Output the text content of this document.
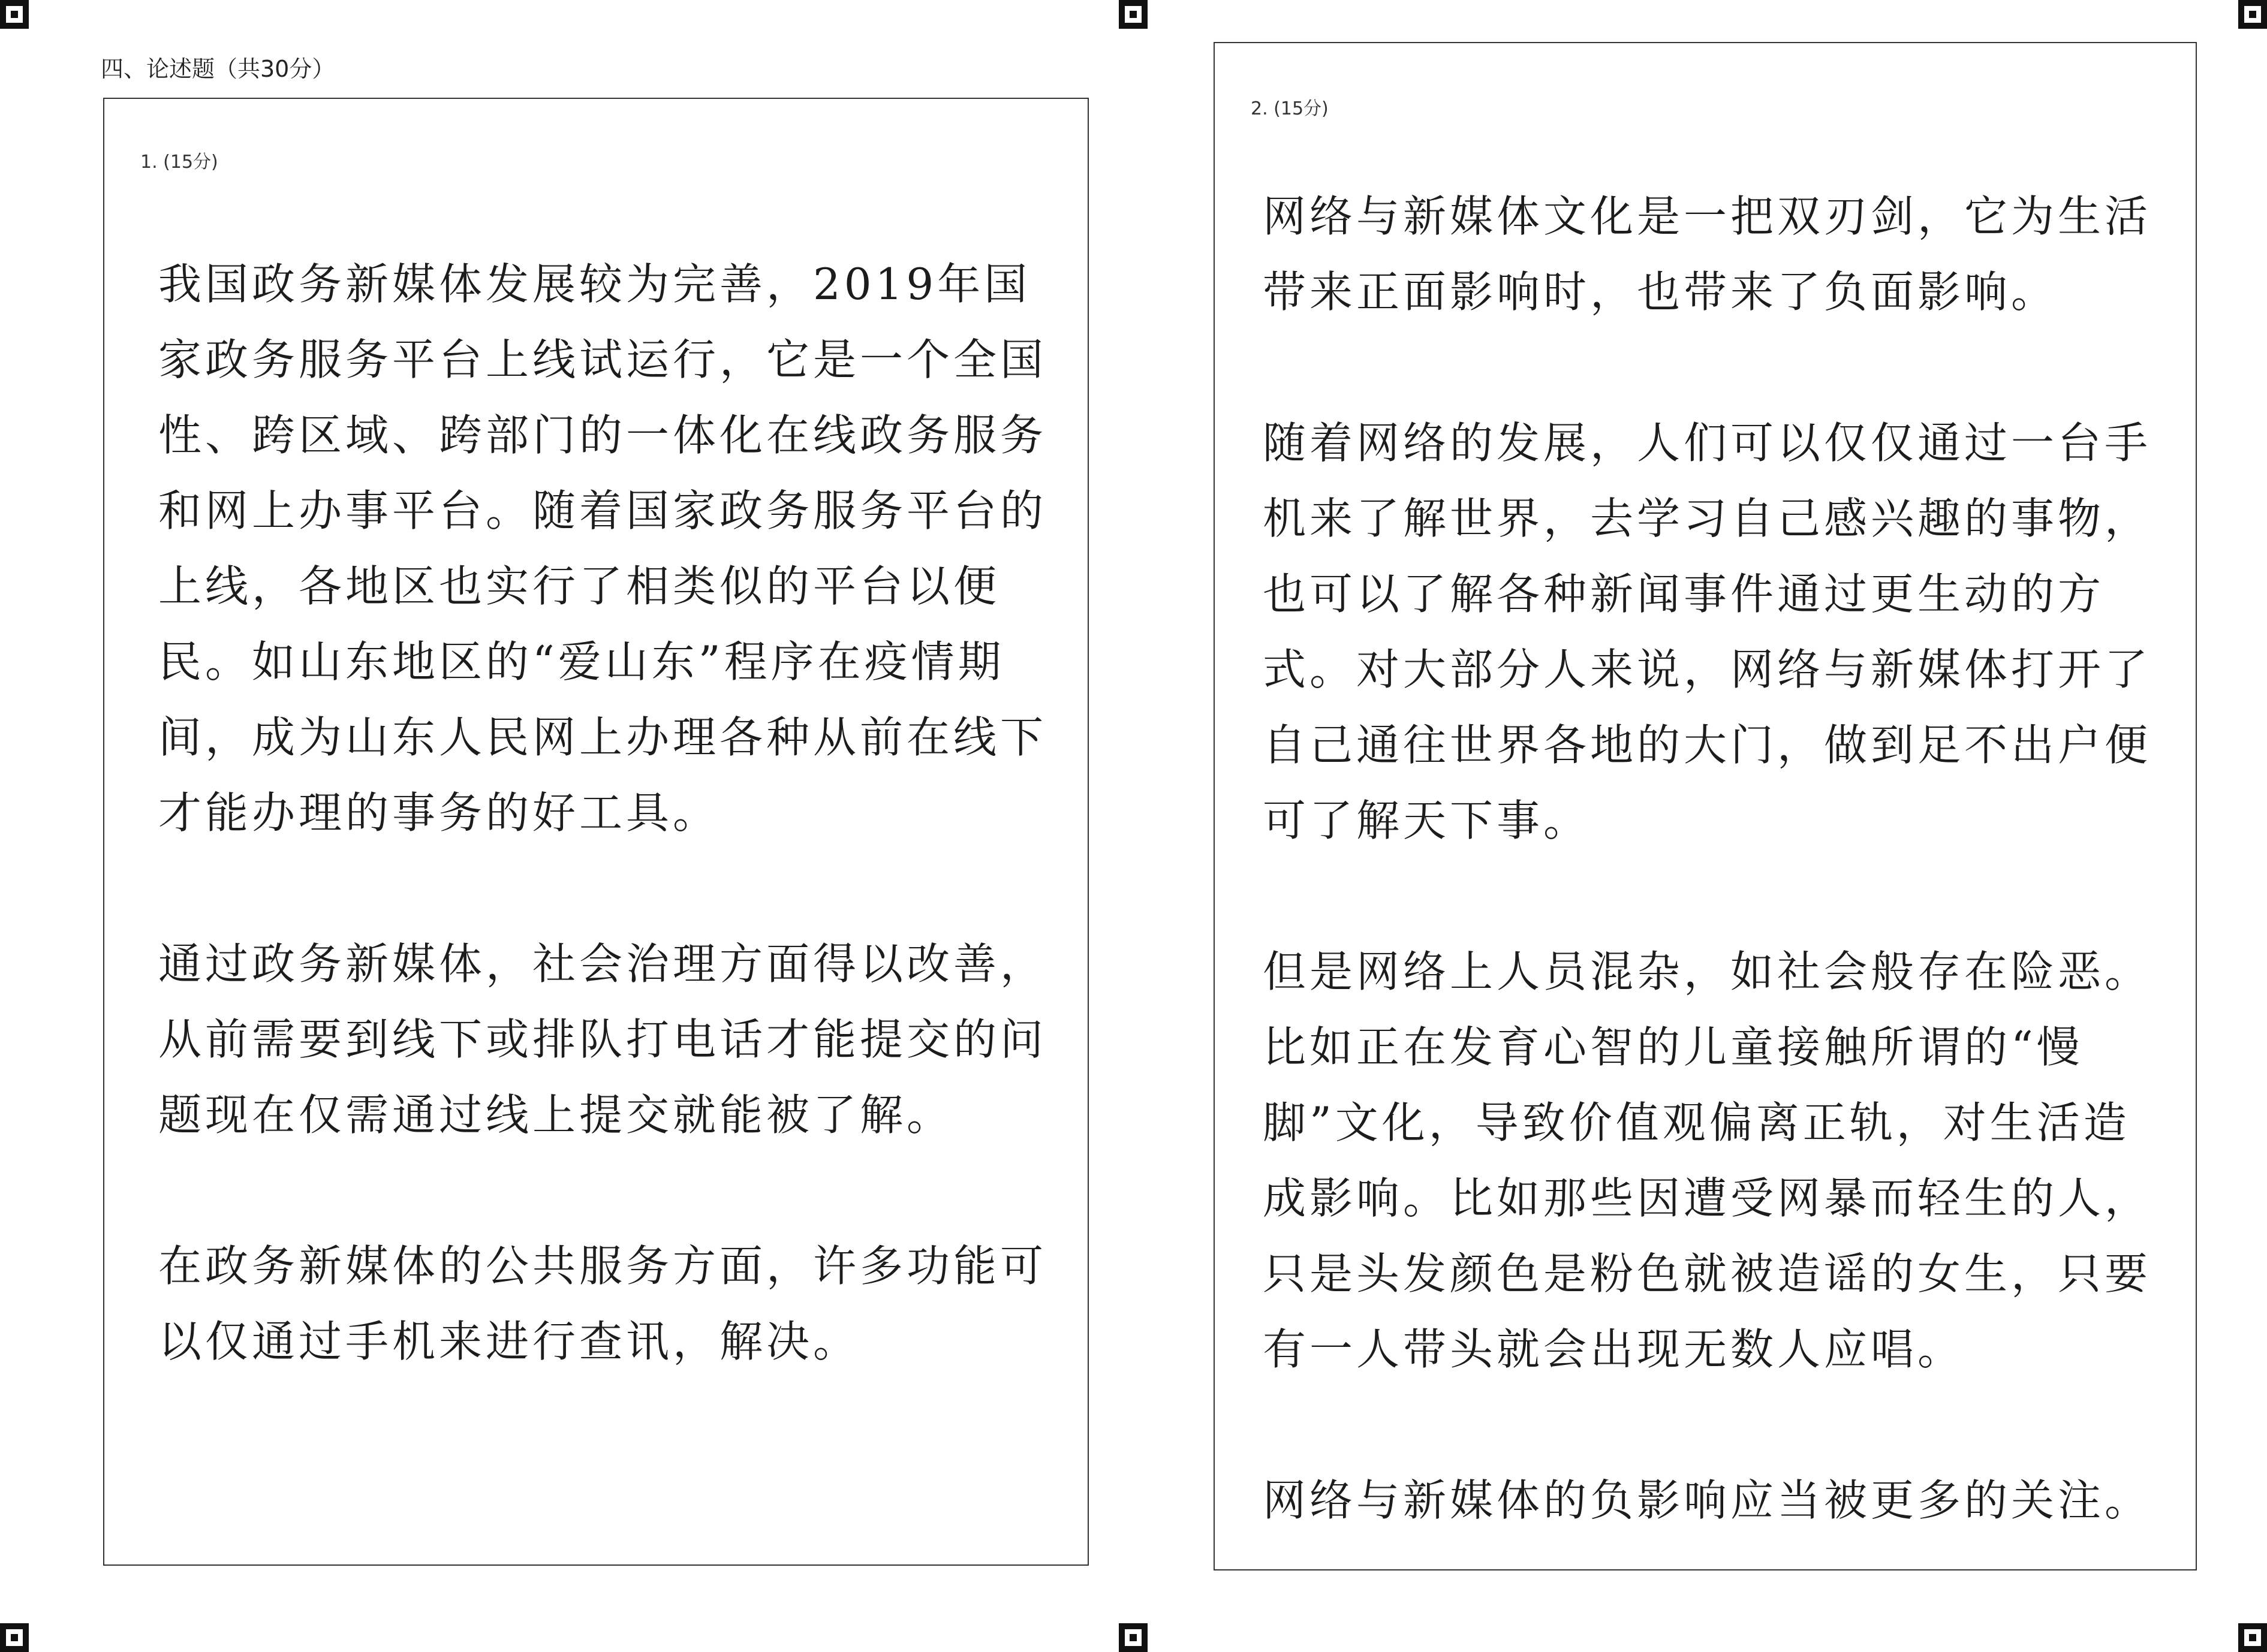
四、论述题（共30分）
1. (15分)

我国政务新媒体发展较为完善，2019年国家政务服务平台上线试运行，它是一个全国性、跨区域、跨部门的一体化在线政务服务和网上办事平台。随着国家政务服务平台的上线，各地区也实行了相类似的平台以便民。如山东地区的“爱山东”程序在疫情期间，成为山东人民网上办理各种从前在线下才能办理的事务的好工具。

通过政务新媒体，社会治理方面得以改善，从前需要到线下或排队打电话才能提交的问题现在仅需通过线上提交就能被了解。

在政务新媒体的公共服务方面，许多功能可以仅通过手机来进行查讯，解决。

2. (15分)

网络与新媒体文化是一把双刃剑，它为生活带来正面影响时，也带来了负面影响。

随着网络的发展，人们可以仅仅通过一台手机来了解世界，去学习自己感兴趣的事物，也可以了解各种新闻事件通过更生动的方式。对大部分人来说，网络与新媒体打开了自己通往世界各地的大门，做到足不出户便可了解天下事。

但是网络上人员混杂，如社会般存在险恶。比如正在发育心智的儿童接触所谓的“慢脚”文化，导致价值观偏离正轨，对生活造成影响。比如那些因遭受网暴而轻生的人，只是头发颜色是粉色就被造谣的女生，只要有一人带头就会出现无数人应唱。

网络与新媒体的负影响应当被更多的关注。
